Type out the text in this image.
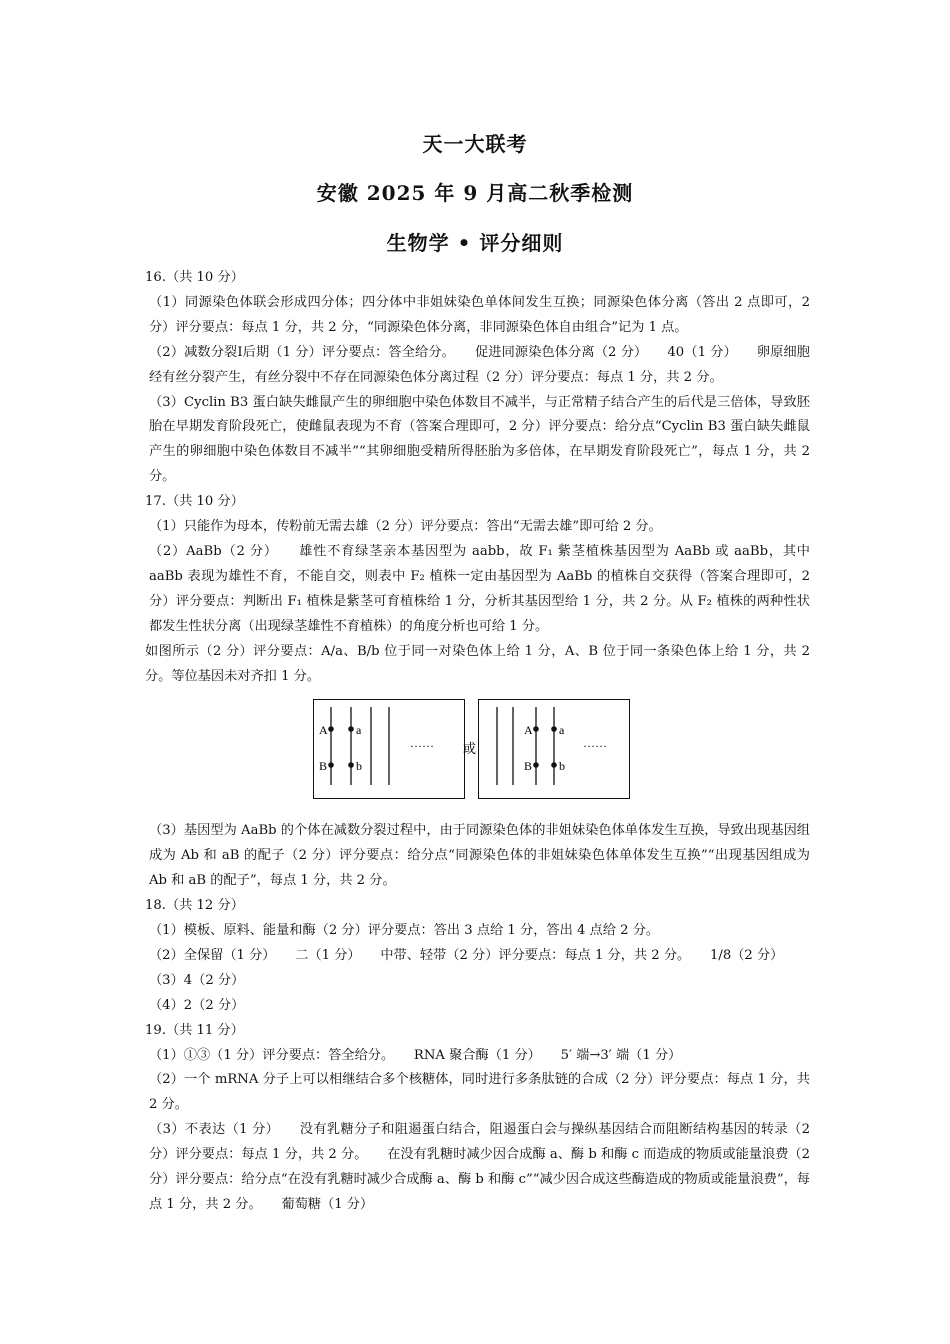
天一大联考
安徽 2025 年 9 月高二秋季检测
生物学 • 评分细则

16.（共 10 分）

（1）同源染色体联会形成四分体；四分体中非姐妹染色单体间发生互换；同源染色体分离（答出 2 点即可，2 分）评分要点：每点 1 分，共 2 分，“同源染色体分离，非同源染色体自由组合”记为 1 点。

（2）减数分裂Ⅰ后期（1 分）评分要点：答全给分。　　促进同源染色体分离（2 分）　　40（1 分）　　卵原细胞经有丝分裂产生，有丝分裂中不存在同源染色体分离过程（2 分）评分要点：每点 1 分，共 2 分。

（3）Cyclin B3 蛋白缺失雌鼠产生的卵细胞中染色体数目不减半，与正常精子结合产生的后代是三倍体，导致胚胎在早期发育阶段死亡，使雌鼠表现为不育（答案合理即可，2 分）评分要点：给分点“Cyclin B3 蛋白缺失雌鼠产生的卵细胞中染色体数目不减半”“其卵细胞受精所得胚胎为多倍体，在早期发育阶段死亡”，每点 1 分，共 2 分。

17.（共 10 分）

（1）只能作为母本，传粉前无需去雄（2 分）评分要点：答出“无需去雄”即可给 2 分。

（2）AaBb（2 分）　　雄性不育绿茎亲本基因型为 aabb，故 F₁ 紫茎植株基因型为 AaBb 或 aaBb，其中 aaBb 表现为雄性不育，不能自交，则表中 F₂ 植株一定由基因型为 AaBb 的植株自交获得（答案合理即可，2 分）评分要点：判断出 F₁ 植株是紫茎可育植株给 1 分，分析其基因型给 1 分，共 2 分。从 F₂ 植株的两种性状都发生性状分离（出现绿茎雄性不育植株）的角度分析也可给 1 分。

如图所示（2 分）评分要点：A/a、B/b 位于同一对染色体上给 1 分，A、B 位于同一条染色体上给 1 分，共 2 分。等位基因未对齐扣 1 分。

A
B
a
b
…… 或
A
B
a
b
……

（3）基因型为 AaBb 的个体在减数分裂过程中，由于同源染色体的非姐妹染色体单体发生互换，导致出现基因组成为 Ab 和 aB 的配子（2 分）评分要点：给分点“同源染色体的非姐妹染色体单体发生互换”“出现基因组成为 Ab 和 aB 的配子”，每点 1 分，共 2 分。

18.（共 12 分）

（1）模板、原料、能量和酶（2 分）评分要点：答出 3 点给 1 分，答出 4 点给 2 分。

（2）全保留（1 分）　　二（1 分）　　中带、轻带（2 分）评分要点：每点 1 分，共 2 分。　　1/8（2 分）

（3）4（2 分）

（4）2（2 分）

19.（共 11 分）

（1）①③（1 分）评分要点：答全给分。　　RNA 聚合酶（1 分）　　5′ 端→3′ 端（1 分）

（2）一个 mRNA 分子上可以相继结合多个核糖体，同时进行多条肽链的合成（2 分）评分要点：每点 1 分，共 2 分。

（3）不表达（1 分）　　没有乳糖分子和阻遏蛋白结合，阻遏蛋白会与操纵基因结合而阻断结构基因的转录（2 分）评分要点：每点 1 分，共 2 分。　　在没有乳糖时减少因合成酶 a、酶 b 和酶 c 而造成的物质或能量浪费（2 分）评分要点：给分点“在没有乳糖时减少合成酶 a、酶 b 和酶 c”“减少因合成这些酶造成的物质或能量浪费”，每点 1 分，共 2 分。　　葡萄糖（1 分）
